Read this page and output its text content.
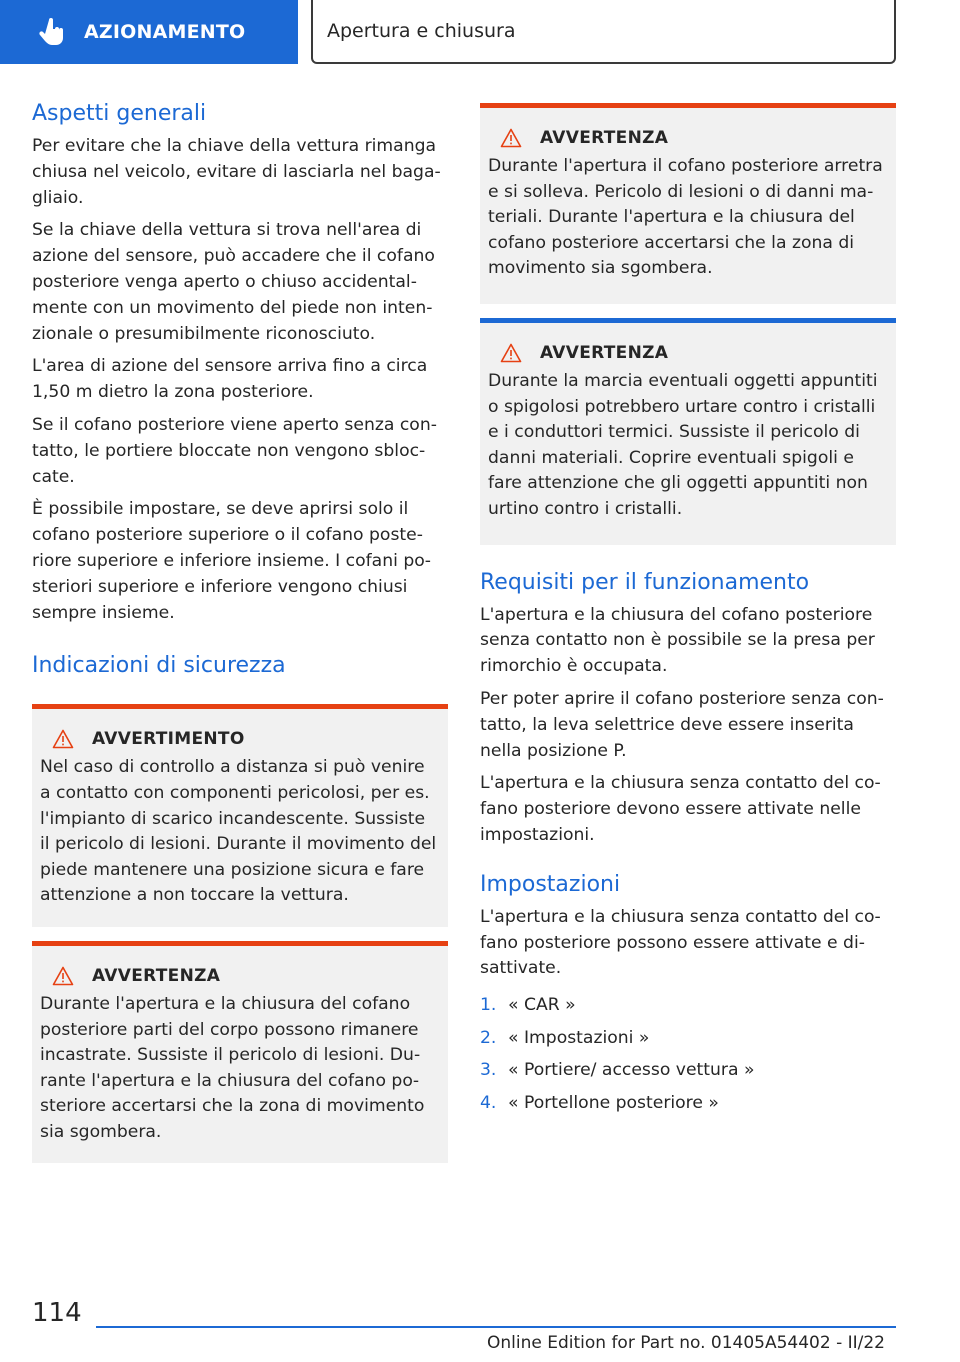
AZIONAMENTO	Apertura e chiusura
Aspetti generali

Per evitare che la chiave della vettura rimanga chiusa nel veicolo, evitare di lasciarla nel bagagliaio.

Se la chiave della vettura si trova nell'area di azione del sensore, può accadere che il cofano posteriore venga aperto o chiuso accidentalmente con un movimento del piede non intenzionale o presumibilmente riconosciuto.

L'area di azione del sensore arriva fino a circa 1,50 m dietro la zona posteriore.

Se il cofano posteriore viene aperto senza contatto, le portiere bloccate non vengono sbloccate.

È possibile impostare, se deve aprirsi solo il cofano posteriore superiore o il cofano posteriore superiore e inferiore insieme. I cofani posteriori superiore e inferiore vengono chiusi sempre insieme.

Indicazioni di sicurezza
AVVERTIMENTO

Nel caso di controllo a distanza si può venire a contatto con componenti pericolosi, per es. l'impianto di scarico incandescente. Sussiste il pericolo di lesioni. Durante il movimento del piede mantenere una posizione sicura e fare attenzione a non toccare la vettura.

AVVERTENZA

Durante l'apertura e la chiusura del cofano posteriore parti del corpo possono rimanere incastrate. Sussiste il pericolo di lesioni. Durante l'apertura e la chiusura del cofano posteriore accertarsi che la zona di movimento sia sgombera.

AVVERTENZA

Durante l'apertura il cofano posteriore arretra e si solleva. Pericolo di lesioni o di danni materiali. Durante l'apertura e la chiusura del cofano posteriore accertarsi che la zona di movimento sia sgombera.

AVVERTENZA

Durante la marcia eventuali oggetti appuntiti o spigolosi potrebbero urtare contro i cristalli e i conduttori termici. Sussiste il pericolo di danni materiali. Coprire eventuali spigoli e fare attenzione che gli oggetti appuntiti non urtino contro i cristalli.

Requisiti per il funzionamento

L'apertura e la chiusura del cofano posteriore senza contatto non è possibile se la presa per rimorchio è occupata.

Per poter aprire il cofano posteriore senza contatto, la leva selettrice deve essere inserita nella posizione P.

L'apertura e la chiusura senza contatto del cofano posteriore devono essere attivate nelle impostazioni.

Impostazioni

L'apertura e la chiusura senza contatto del cofano posteriore possono essere attivate e disattivate.

1. « CAR »
2. « Impostazioni »
3. « Portiere/ accesso vettura »
4. « Portellone posteriore »
114
Online Edition for Part no. 01405A54402 - II/22
